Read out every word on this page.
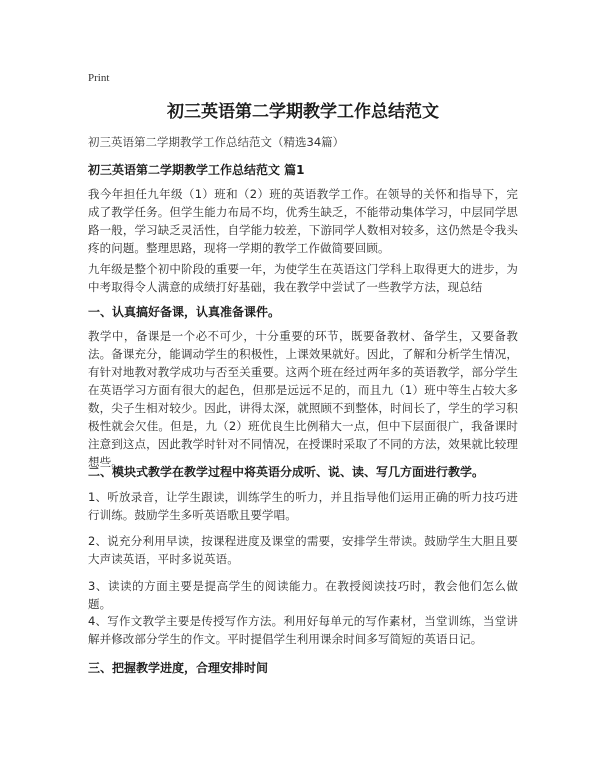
Print
初三英语第二学期教学工作总结范文

初三英语第二学期教学工作总结范文（精选34篇）

初三英语第二学期教学工作总结范文 篇1

我今年担任九年级（1）班和（2）班的英语教学工作。在领导的关怀和指导下，完成了教学任务。但学生能力布局不均，优秀生缺乏，不能带动集体学习，中层同学思路一般，学习缺乏灵活性，自学能力较差，下游同学人数相对较多，这仍然是令我头疼的问题。整理思路，现将一学期的教学工作做简要回顾。

九年级是整个初中阶段的重要一年，为使学生在英语这门学科上取得更大的进步，为中考取得令人满意的成绩打好基础，我在教学中尝试了一些教学方法，现总结

一、认真搞好备课，认真准备课件。

教学中，备课是一个必不可少，十分重要的环节，既要备教材、备学生，又要备教法。备课充分，能调动学生的积极性，上课效果就好。因此，了解和分析学生情况，有针对地教对教学成功与否至关重要。这两个班在经过两年多的英语教学，部分学生在英语学习方面有很大的起色，但那是远远不足的，而且九（1）班中等生占较大多数，尖子生相对较少。因此，讲得太深，就照顾不到整体，时间长了，学生的学习积极性就会欠佳。但是，九（2）班优良生比例稍大一点，但中下层面很广，我备课时注意到这点，因此教学时针对不同情况，在授课时采取了不同的方法，效果就比较理想些。

二、模块式教学在教学过程中将英语分成听、说、读、写几方面进行教学。

1、听放录音，让学生跟读，训练学生的听力，并且指导他们运用正确的听力技巧进行训练。鼓励学生多听英语歌且要学唱。

2、说充分利用早读，按课程进度及课堂的需要，安排学生带读。鼓励学生大胆且要大声读英语，平时多说英语。

3、读读的方面主要是提高学生的阅读能力。在教授阅读技巧时，教会他们怎么做题。

4、写作文教学主要是传授写作方法。利用好每单元的写作素材，当堂训练，当堂讲解并修改部分学生的作文。平时提倡学生利用课余时间多写简短的英语日记。

三、把握教学进度，合理安排时间
